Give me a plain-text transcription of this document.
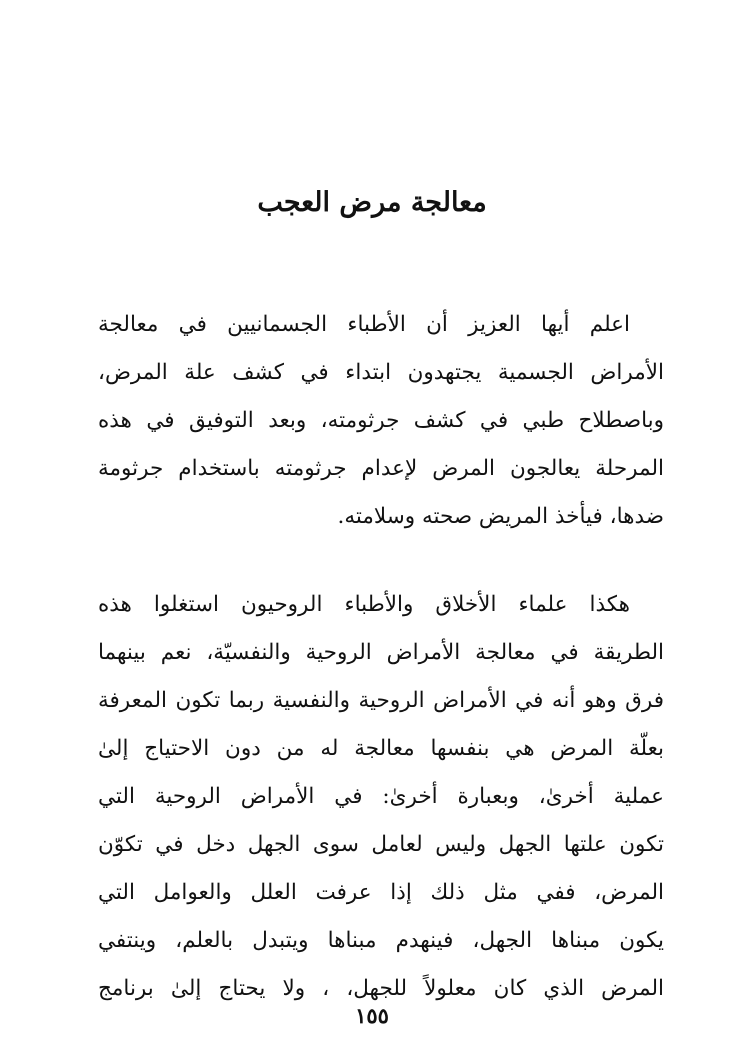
معالجة مرض العجب
اعلم أيها العزيز أن الأطباء الجسمانيين في معالجة
الأمراض الجسمية يجتهدون ابتداء في كشف علة المرض،
وباصطلاح طبي في كشف جرثومته، وبعد التوفيق في هذه
المرحلة يعالجون المرض لإعدام جرثومته باستخدام جرثومة
ضدها، فيأخذ المريض صحته وسلامته.
هكذا علماء الأخلاق والأطباء الروحيون استغلوا هذه
الطريقة في معالجة الأمراض الروحية والنفسيّة، نعم بينهما
فرق وهو أنه في الأمراض الروحية والنفسية ربما تكون المعرفة
بعلّة المرض هي بنفسها معالجة له من دون الاحتياج إلىٰ
عملية أخرىٰ، وبعبارة أخرىٰ: في الأمراض الروحية التي
تكون علتها الجهل وليس لعامل سوى الجهل دخل في تكوّن
المرض، ففي مثل ذلك إذا عرفت العلل والعوامل التي
يكون مبناها الجهل، فينهدم مبناها ويتبدل بالعلم، وينتفي
المرض الذي كان معلولاً للجهل، ، ولا يحتاج إلىٰ برنامج
١٥٥
